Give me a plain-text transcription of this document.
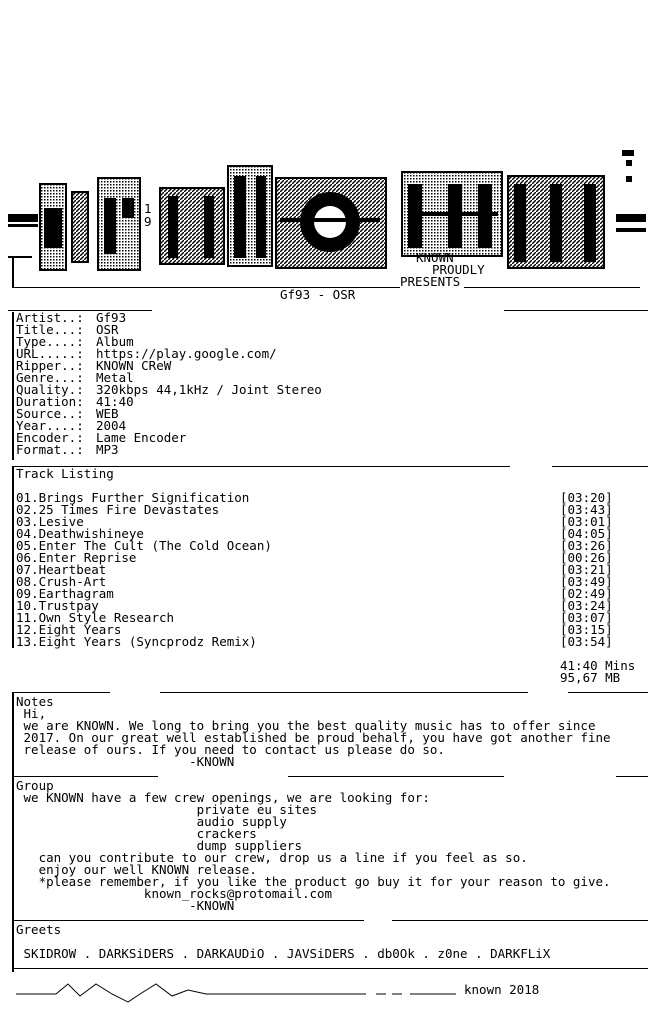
1
9
KNOWN
PROUDLY
PRESENTS
Gf93 - OSR
Artist..: Gf93
Title...: OSR
Type....: Album
URL.....: https://play.google.com/
Ripper..: KNOWN CReW
Genre...: Metal
Quality.: 320kbps 44,1kHz / Joint Stereo
Duration: 41:40
Source..: WEB
Year....: 2004
Encoder.: Lame Encoder
Format..: MP3
Track Listing
01.Brings Further Signification	[03:20]
02.25 Times Fire Devastates	[03:43]
03.Lesive	[03:01]
04.Deathwishineye	[04:05]
05.Enter The Cult (The Cold Ocean)	[03:26]
06.Enter Reprise	[00:26]
07.Heartbeat	[03:21]
08.Crush-Art	[03:49]
09.Earthagram	[02:49]
10.Trustpay	[03:24]
11.Own Style Research	[03:07]
12.Eight Years	[03:15]
13.Eight Years (Syncprodz Remix)	[03:54]
41:40 Mins
95,67 MB
Notes
Hi,
we are KNOWN. We long to bring you the best quality music has to offer since
2017. On our great well established be proud behalf, you have got another fine
release of ours. If you need to contact us please do so.
-KNOWN
Group
we KNOWN have a few crew openings, we are looking for:
private eu sites
audio supply
crackers
dump suppliers
can you contribute to our crew, drop us a line if you feel as so.
enjoy our well KNOWN release.
*please remember, if you like the product go buy it for your reason to give.
known_rocks@protomail.com
-KNOWN
Greets
SKIDROW . DARKSiDERS . DARKAUDiO . JAVSiDERS . db0Ok . z0ne . DARKFLiX
known 2018
